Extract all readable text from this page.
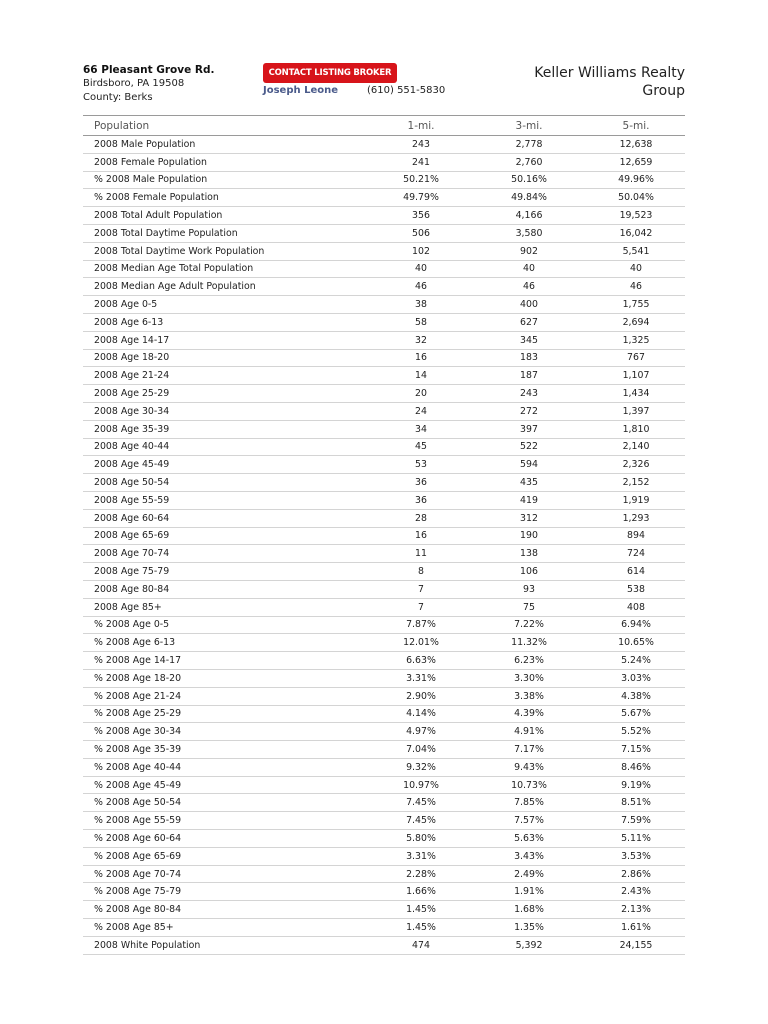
66 Pleasant Grove Rd.
Birdsboro, PA 19508
County: Berks
CONTACT LISTING BROKER
Joseph Leone	(610) 551-5830
Keller Williams Realty
Group
Population	1-mi.	3-mi.	5-mi.
2008 Male Population	243	2,778	12,638
2008 Female Population	241	2,760	12,659
% 2008 Male Population	50.21%	50.16%	49.96%
% 2008 Female Population	49.79%	49.84%	50.04%
2008 Total Adult Population	356	4,166	19,523
2008 Total Daytime Population	506	3,580	16,042
2008 Total Daytime Work Population	102	902	5,541
2008 Median Age Total Population	40	40	40
2008 Median Age Adult Population	46	46	46
2008 Age 0-5	38	400	1,755
2008 Age 6-13	58	627	2,694
2008 Age 14-17	32	345	1,325
2008 Age 18-20	16	183	767
2008 Age 21-24	14	187	1,107
2008 Age 25-29	20	243	1,434
2008 Age 30-34	24	272	1,397
2008 Age 35-39	34	397	1,810
2008 Age 40-44	45	522	2,140
2008 Age 45-49	53	594	2,326
2008 Age 50-54	36	435	2,152
2008 Age 55-59	36	419	1,919
2008 Age 60-64	28	312	1,293
2008 Age 65-69	16	190	894
2008 Age 70-74	11	138	724
2008 Age 75-79	8	106	614
2008 Age 80-84	7	93	538
2008 Age 85+	7	75	408
% 2008 Age 0-5	7.87%	7.22%	6.94%
% 2008 Age 6-13	12.01%	11.32%	10.65%
% 2008 Age 14-17	6.63%	6.23%	5.24%
% 2008 Age 18-20	3.31%	3.30%	3.03%
% 2008 Age 21-24	2.90%	3.38%	4.38%
% 2008 Age 25-29	4.14%	4.39%	5.67%
% 2008 Age 30-34	4.97%	4.91%	5.52%
% 2008 Age 35-39	7.04%	7.17%	7.15%
% 2008 Age 40-44	9.32%	9.43%	8.46%
% 2008 Age 45-49	10.97%	10.73%	9.19%
% 2008 Age 50-54	7.45%	7.85%	8.51%
% 2008 Age 55-59	7.45%	7.57%	7.59%
% 2008 Age 60-64	5.80%	5.63%	5.11%
% 2008 Age 65-69	3.31%	3.43%	3.53%
% 2008 Age 70-74	2.28%	2.49%	2.86%
% 2008 Age 75-79	1.66%	1.91%	2.43%
% 2008 Age 80-84	1.45%	1.68%	2.13%
% 2008 Age 85+	1.45%	1.35%	1.61%
2008 White Population	474	5,392	24,155
